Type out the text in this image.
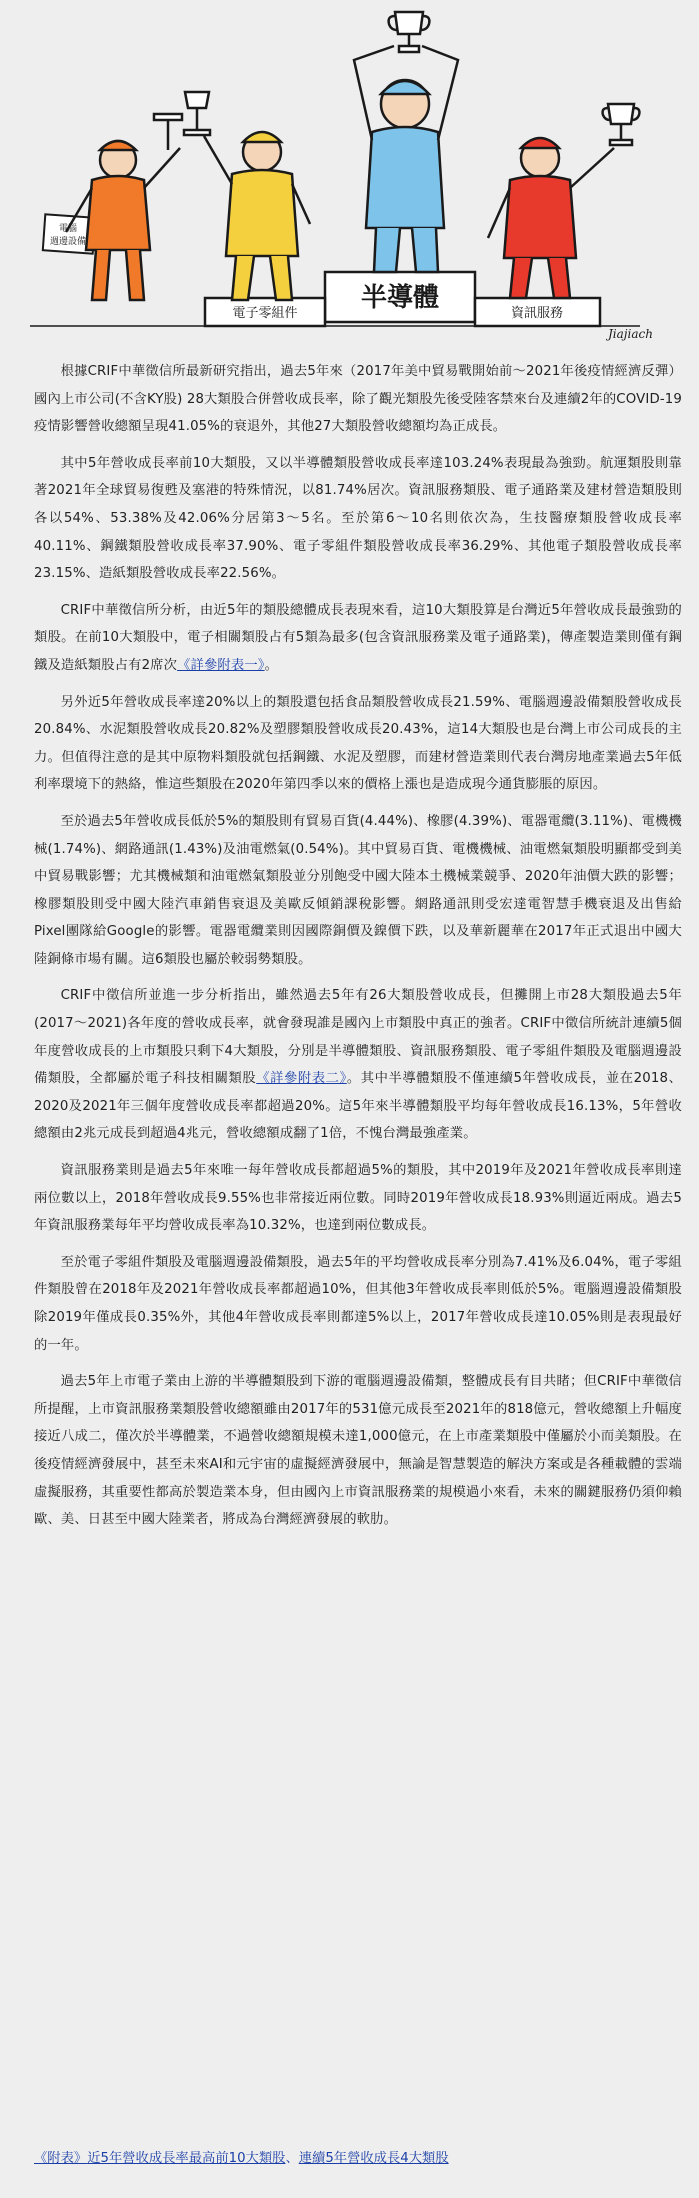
半導體
電子零組件	資訊服務
電腦
週邊設備
Jiajiach

根據CRIF中華徵信所最新研究指出，過去5年來（2017年美中貿易戰開始前～2021年後疫情經濟反彈）國內上市公司(不含KY股) 28大類股合併營收成長率，除了觀光類股先後受陸客禁來台及連續2年的COVID-19疫情影響營收總額呈現41.05%的衰退外，其他27大類股營收總額均為正成長。

其中5年營收成長率前10大類股，又以半導體類股營收成長率達103.24%表現最為強勁。航運類股則靠著2021年全球貿易復甦及塞港的特殊情況，以81.74%居次。資訊服務類股、電子通路業及建材營造類股則各以54%、53.38%及42.06%分居第3～5名。至於第6～10名則依次為，生技醫療類股營收成長率40.11%、鋼鐵類股營收成長率37.90%、電子零組件類股營收成長率36.29%、其他電子類股營收成長率23.15%、造紙類股營收成長率22.56%。

CRIF中華徵信所分析，由近5年的類股總體成長表現來看，這10大類股算是台灣近5年營收成長最強勁的類股。在前10大類股中，電子相關類股占有5類為最多(包含資訊服務業及電子通路業)，傳產製造業則僅有鋼鐵及造紙類股占有2席次《詳參附表一》。

另外近5年營收成長率達20%以上的類股還包括食品類股營收成長21.59%、電腦週邊設備類股營收成長20.84%、水泥類股營收成長20.82%及塑膠類股營收成長20.43%，這14大類股也是台灣上市公司成長的主力。但值得注意的是其中原物料類股就包括鋼鐵、水泥及塑膠，而建材營造業則代表台灣房地產業過去5年低利率環境下的熱絡，惟這些類股在2020年第四季以來的價格上漲也是造成現今通貨膨脹的原因。

至於過去5年營收成長低於5%的類股則有貿易百貨(4.44%)、橡膠(4.39%)、電器電纜(3.11%)、電機機械(1.74%)、網路通訊(1.43%)及油電燃氣(0.54%)。其中貿易百貨、電機機械、油電燃氣類股明顯都受到美中貿易戰影響；尤其機械類和油電燃氣類股並分別飽受中國大陸本土機械業競爭、2020年油價大跌的影響；橡膠類股則受中國大陸汽車銷售衰退及美歐反傾銷課稅影響。網路通訊則受宏達電智慧手機衰退及出售給Pixel團隊給Google的影響。電器電纜業則因國際銅價及鎳價下跌，以及華新麗華在2017年正式退出中國大陸銅條市場有關。這6類股也屬於較弱勢類股。

CRIF中徵信所並進一步分析指出，雖然過去5年有26大類股營收成長，但攤開上市28大類股過去5年(2017～2021)各年度的營收成長率，就會發現誰是國內上市類股中真正的強者。CRIF中徵信所統計連續5個年度營收成長的上市類股只剩下4大類股，分別是半導體類股、資訊服務類股、電子零組件類股及電腦週邊設備類股，全都屬於電子科技相關類股《詳參附表二》。其中半導體類股不僅連續5年營收成長，並在2018、2020及2021年三個年度營收成長率都超過20%。這5年來半導體類股平均每年營收成長16.13%，5年營收總額由2兆元成長到超過4兆元，營收總額成翻了1倍，不愧台灣最強產業。

資訊服務業則是過去5年來唯一每年營收成長都超過5%的類股，其中2019年及2021年營收成長率則達兩位數以上，2018年營收成長9.55%也非常接近兩位數。同時2019年營收成長18.93%則逼近兩成。過去5年資訊服務業每年平均營收成長率為10.32%，也達到兩位數成長。

至於電子零組件類股及電腦週邊設備類股，過去5年的平均營收成長率分別為7.41%及6.04%，電子零組件類股曾在2018年及2021年營收成長率都超過10%，但其他3年營收成長率則低於5%。電腦週邊設備類股除2019年僅成長0.35%外，其他4年營收成長率則都達5%以上，2017年營收成長達10.05%則是表現最好的一年。

過去5年上市電子業由上游的半導體類股到下游的電腦週邊設備類，整體成長有目共睹；但CRIF中華徵信所提醒，上市資訊服務業類股營收總額雖由2017年的531億元成長至2021年的818億元，營收總額上升幅度接近八成二，僅次於半導體業，不過營收總額規模未達1,000億元，在上市產業類股中僅屬於小而美類股。在後疫情經濟發展中，甚至未來AI和元宇宙的虛擬經濟發展中，無論是智慧製造的解決方案或是各種載體的雲端虛擬服務，其重要性都高於製造業本身，但由國內上市資訊服務業的規模過小來看，未來的關鍵服務仍須仰賴歐、美、日甚至中國大陸業者，將成為台灣經濟發展的軟肋。

《附表》近5年營收成長率最高前10大類股、連續5年營收成長4大類股
